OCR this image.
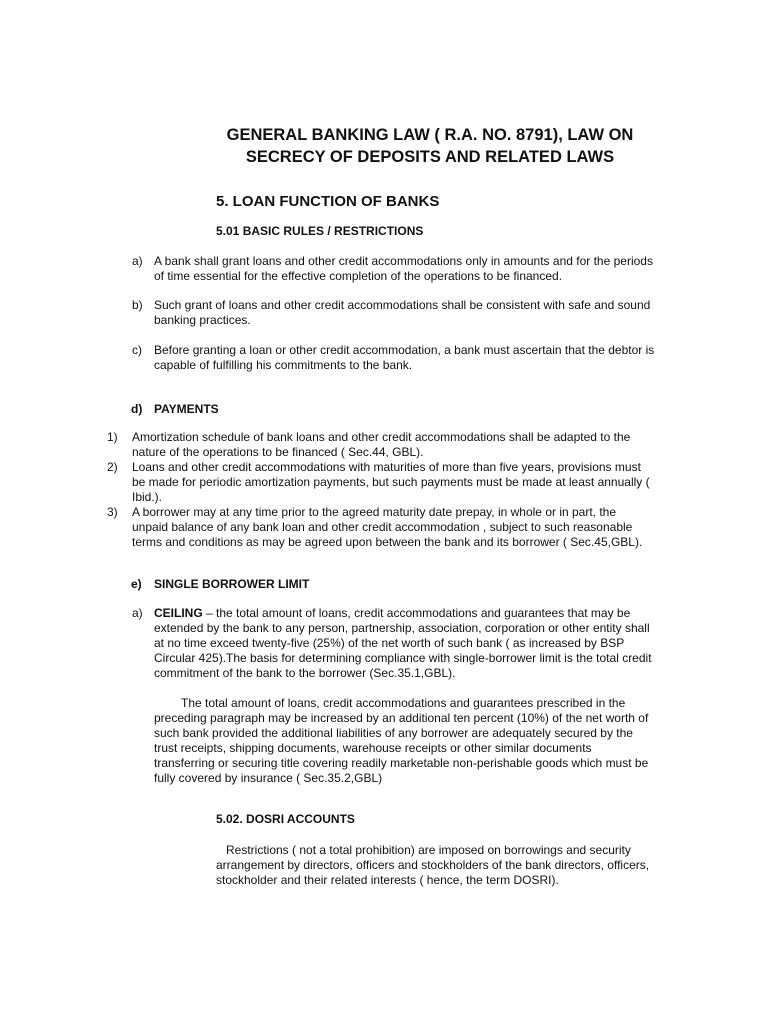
GENERAL BANKING LAW ( R.A. NO. 8791), LAW ON
SECRECY OF DEPOSITS AND RELATED LAWS
5. LOAN FUNCTION OF BANKS
5.01 BASIC RULES / RESTRICTIONS
a) A bank shall grant loans and other credit accommodations only in amounts and for the periods
of time essential for the effective completion of the operations to be financed.
b) Such grant of loans and other credit accommodations shall be consistent with safe and sound
banking practices.
c) Before granting a loan or other credit accommodation, a bank must ascertain that the debtor is
capable of fulfilling his commitments to the bank.
d) PAYMENTS
1) Amortization schedule of bank loans and other credit accommodations shall be adapted to the
nature of the operations to be financed ( Sec.44, GBL).
2) Loans and other credit accommodations with maturities of more than five years, provisions must
be made for periodic amortization payments, but such payments must be made at least annually (
Ibid.).
3) A borrower may at any time prior to the agreed maturity date prepay, in whole or in part, the
unpaid balance of any bank loan and other credit accommodation , subject to such reasonable
terms and conditions as may be agreed upon between the bank and its borrower ( Sec.45,GBL).
e) SINGLE BORROWER LIMIT
a) CEILING – the total amount of loans, credit accommodations and guarantees that may be
extended by the bank to any person, partnership, association, corporation or other entity shall
at no time exceed twenty-five (25%) of the net worth of such bank ( as increased by BSP
Circular 425).The basis for determining compliance with single-borrower limit is the total credit
commitment of the bank to the borrower (Sec.35.1,GBL).
The total amount of loans, credit accommodations and guarantees prescribed in the
preceding paragraph may be increased by an additional ten percent (10%) of the net worth of
such bank provided the additional liabilities of any borrower are adequately secured by the
trust receipts, shipping documents, warehouse receipts or other similar documents
transferring or securing title covering readily marketable non-perishable goods which must be
fully covered by insurance ( Sec.35.2,GBL)
5.02. DOSRI ACCOUNTS
Restrictions ( not a total prohibition) are imposed on borrowings and security
arrangement by directors, officers and stockholders of the bank directors, officers,
stockholder and their related interests ( hence, the term DOSRI).
